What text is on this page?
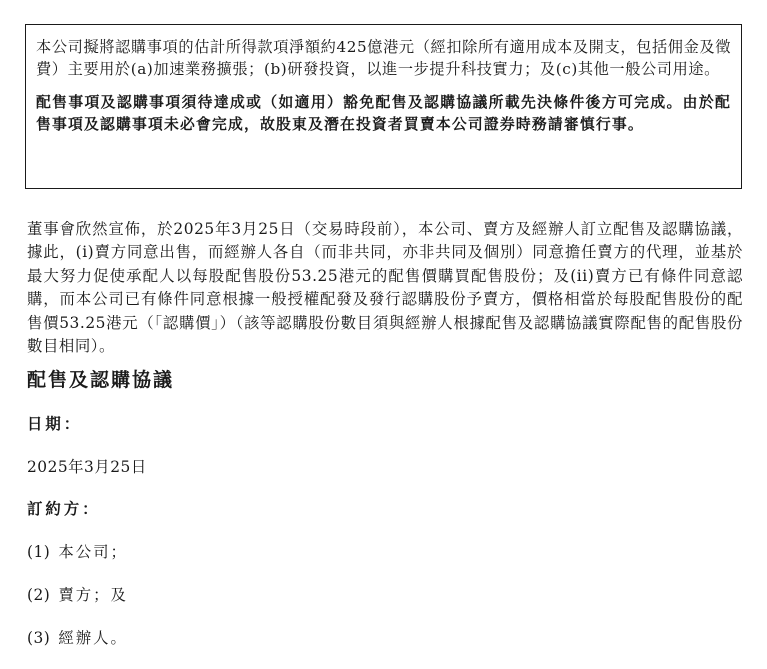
本公司擬將認購事項的估計所得款項淨額約425億港元（經扣除所有適用成本及開支，包括佣金及徵費）主要用於(a)加速業務擴張；(b)研發投資，以進一步提升科技實力；及(c)其他一般公司用途。

配售事項及認購事項須待達成或（如適用）豁免配售及認購協議所載先決條件後方可完成。由於配售事項及認購事項未必會完成，故股東及潛在投資者買賣本公司證券時務請審慎行事。

董事會欣然宣佈，於2025年3月25日（交易時段前），本公司、賣方及經辦人訂立配售及認購協議，據此，(i)賣方同意出售，而經辦人各自（而非共同，亦非共同及個別）同意擔任賣方的代理，並基於最大努力促使承配人以每股配售股份53.25港元的配售價購買配售股份；及(ii)賣方已有條件同意認購，而本公司已有條件同意根據一般授權配發及發行認購股份予賣方，價格相當於每股配售股份的配售價53.25港元（「認購價」）（該等認購股份數目須與經辦人根據配售及認購協議實際配售的配售股份數目相同）。

配售及認購協議

日期：

2025年3月25日

訂約方：

(1) 本公司；

(2) 賣方；及

(3) 經辦人。
